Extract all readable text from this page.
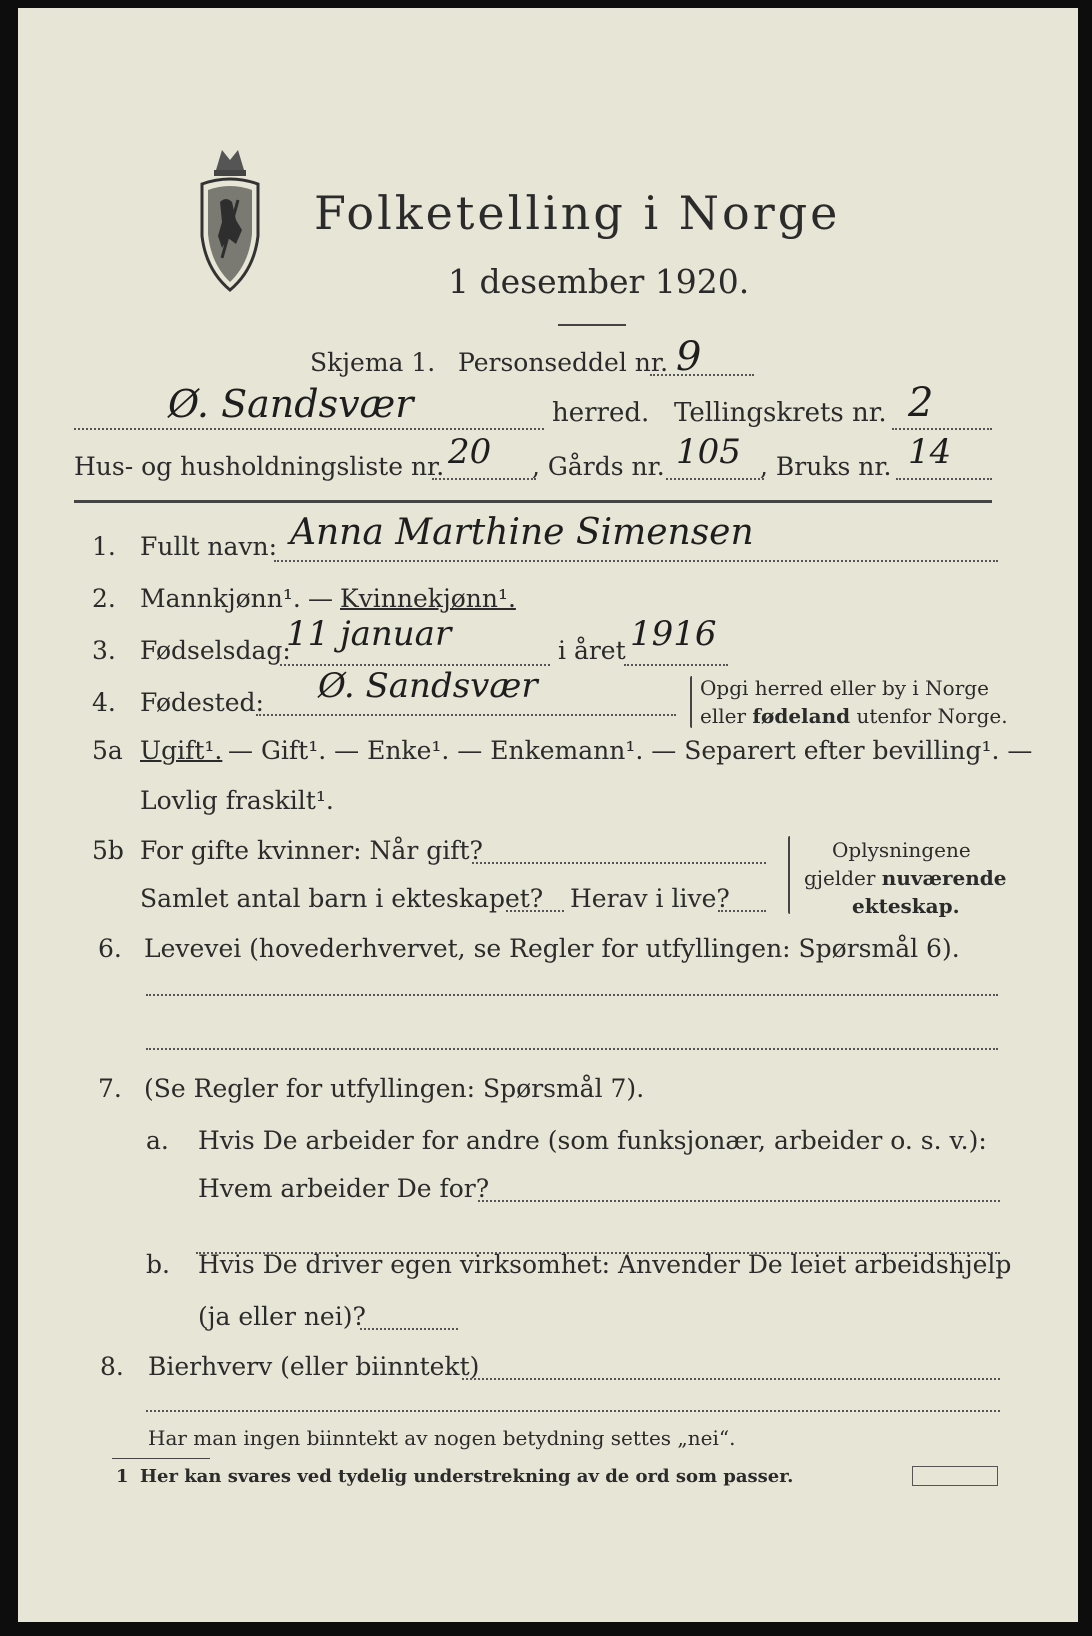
Folketelling i Norge
1 desember 1920.
Skjema 1. Personseddel nr. 9
Ø. Sandsvær	herred. Tellingskrets nr. 2
Hus- og husholdningsliste nr. 20 , Gårds nr. 105 , Bruks nr. 14
1. Fullt navn: Anna Marthine Simensen
2. Mannkjønn¹. — Kvinnekjønn¹.
3. Fødselsdag:
11 januar	i året 1916
4. Fødested: Ø. Sandsvær	Opgi herred eller by i Norge
eller fødeland utenfor Norge.
5a Ugift¹. — Gift¹. — Enke¹. — Enkemann¹. — Separert efter bevilling¹. —
Lovlig fraskilt¹.
5b For gifte kvinner: Når gift?
Samlet antal barn i ekteskapet? Herav i live?
Oplysningene
gjelder nuværende
ekteskap.
6. Levevei (hovederhvervet, se Regler for utfyllingen: Spørsmål 6).
7. (Se Regler for utfyllingen: Spørsmål 7).
a. Hvis De arbeider for andre (som funksjonær, arbeider o. s. v.):
Hvem arbeider De for?
b. Hvis De driver egen virksomhet: Anvender De leiet arbeidshjelp
(ja eller nei)?
8. Bierhverv (eller biinntekt)
Har man ingen biinntekt av nogen betydning settes „nei“.
1 Her kan svares ved tydelig understrekning av de ord som passer.
